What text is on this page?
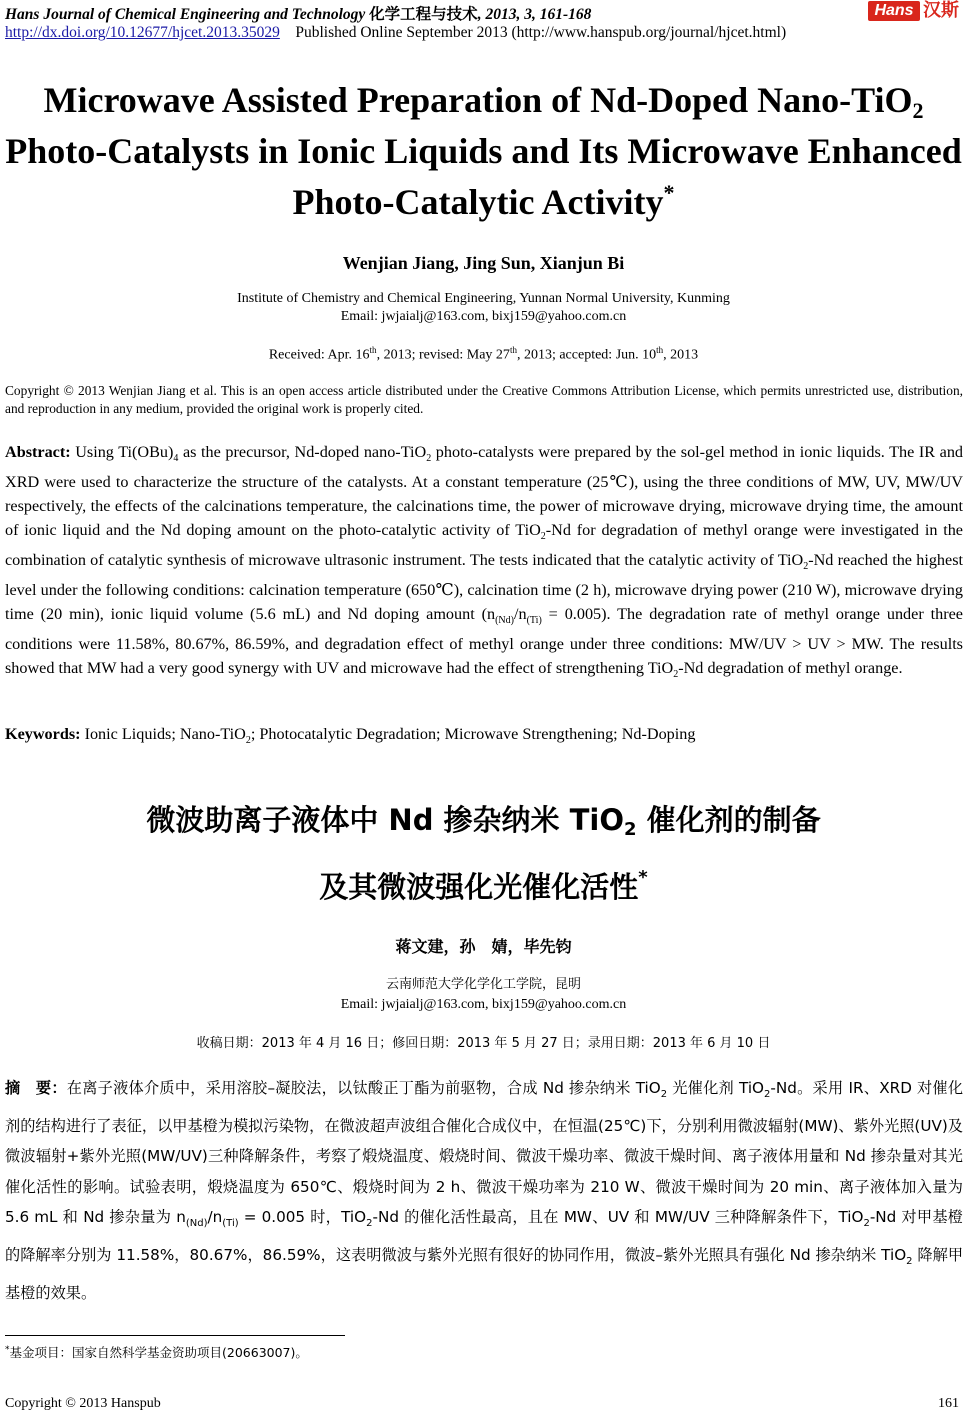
Hans Journal of Chemical Engineering and Technology 化学工程与技术, 2013, 3, 161-168	Hans 汉斯
http://dx.doi.org/10.12677/hjcet.2013.35029 Published Online September 2013 (http://www.hanspub.org/journal/hjcet.html)
Microwave Assisted Preparation of Nd-Doped Nano-TiO$_2$
Photo-Catalysts in Ionic Liquids and Its Microwave Enhanced
Photo-Catalytic Activity*
Wenjian Jiang, Jing Sun, Xianjun Bi
Institute of Chemistry and Chemical Engineering, Yunnan Normal University, Kunming
Email: jwjaialj@163.com, bixj159@yahoo.com.cn
Received: Apr. 16th, 2013; revised: May 27th, 2013; accepted: Jun. 10th, 2013
Copyright © 2013 Wenjian Jiang et al. This is an open access article distributed under the Creative Commons Attribution License, which permits unrestricted use, distribution, and reproduction in any medium, provided the original work is properly cited.
Abstract: Using $Ti(OBu)_4$ as the precursor, Nd-doped nano-TiO$_2$ photo-catalysts were prepared by the sol-gel method in ionic liquids. The IR and XRD were used to characterize the structure of the catalysts. At a constant temperature (25℃), using the three conditions of MW, UV, MW/UV respectively, the effects of the calcinations temperature, the calcinations time, the power of microwave drying, microwave drying time, the amount of ionic liquid and the Nd doping amount on the photo-catalytic activity of TiO$_2$-Nd for degradation of methyl orange were investigated in the combination of catalytic synthesis of microwave ultrasonic instrument. The tests indicated that the catalytic activity of TiO$_2$-Nd reached the highest level under the following conditions: calcination temperature (650℃), calcination time (2 h), microwave drying power (210 W), microwave drying time (20 min), ionic liquid volume (5.6 mL) and Nd doping amount $(n_{(Nd)}/n_{(Ti)} = 0.005)$. The degradation rate of methyl orange under three conditions were 11.58%, 80.67%, 86.59%, and degradation effect of methyl orange under three conditions: MW/UV > UV > MW. The results showed that MW had a very good synergy with UV and microwave had the effect of strengthening TiO$_2$-Nd degradation of methyl orange.
Keywords: Ionic Liquids; Nano-TiO$_2$; Photocatalytic Degradation; Microwave Strengthening; Nd-Doping
微波助离子液体中 Nd 掺杂纳米 TiO$_2$ 催化剂的制备
及其微波强化光催化活性*
蒋文建，孙　婧，毕先钧
云南师范大学化学化工学院，昆明
Email: jwjaialj@163.com, bixj159@yahoo.com.cn
收稿日期：2013 年 4 月 16 日；修回日期：2013 年 5 月 27 日；录用日期：2013 年 6 月 10 日
摘　要：在离子液体介质中，采用溶胶–凝胶法，以钛酸正丁酯为前驱物，合成 Nd 掺杂纳米 TiO$_2$ 光催化剂 TiO$_2$-Nd。采用 IR、XRD 对催化剂的结构进行了表征，以甲基橙为模拟污染物，在微波超声波组合催化合成仪中，在恒温(25℃)下，分别利用微波辐射(MW)、紫外光照(UV)及微波辐射+紫外光照(MW/UV)三种降解条件，考察了煅烧温度、煅烧时间、微波干燥功率、微波干燥时间、离子液体用量和 Nd 掺杂量对其光催化活性的影响。试验表明，煅烧温度为 650℃、煅烧时间为 2 h、微波干燥功率为 210 W、微波干燥时间为 20 min、离子液体加入量为 5.6 mL 和 Nd 掺杂量为 $n_{(Nd)}/n_{(Ti)} = 0.005$ 时，TiO$_2$-Nd 的催化活性最高，且在 MW、UV 和 MW/UV 三种降解条件下，TiO$_2$-Nd 对甲基橙的降解率分别为 11.58%，80.67%，86.59%，这表明微波与紫外光照有很好的协同作用，微波–紫外光照具有强化 Nd 掺杂纳米 TiO$_2$ 降解甲基橙的效果。
*基金项目：国家自然科学基金资助项目(20663007)。
Copyright © 2013 Hanspub	161
